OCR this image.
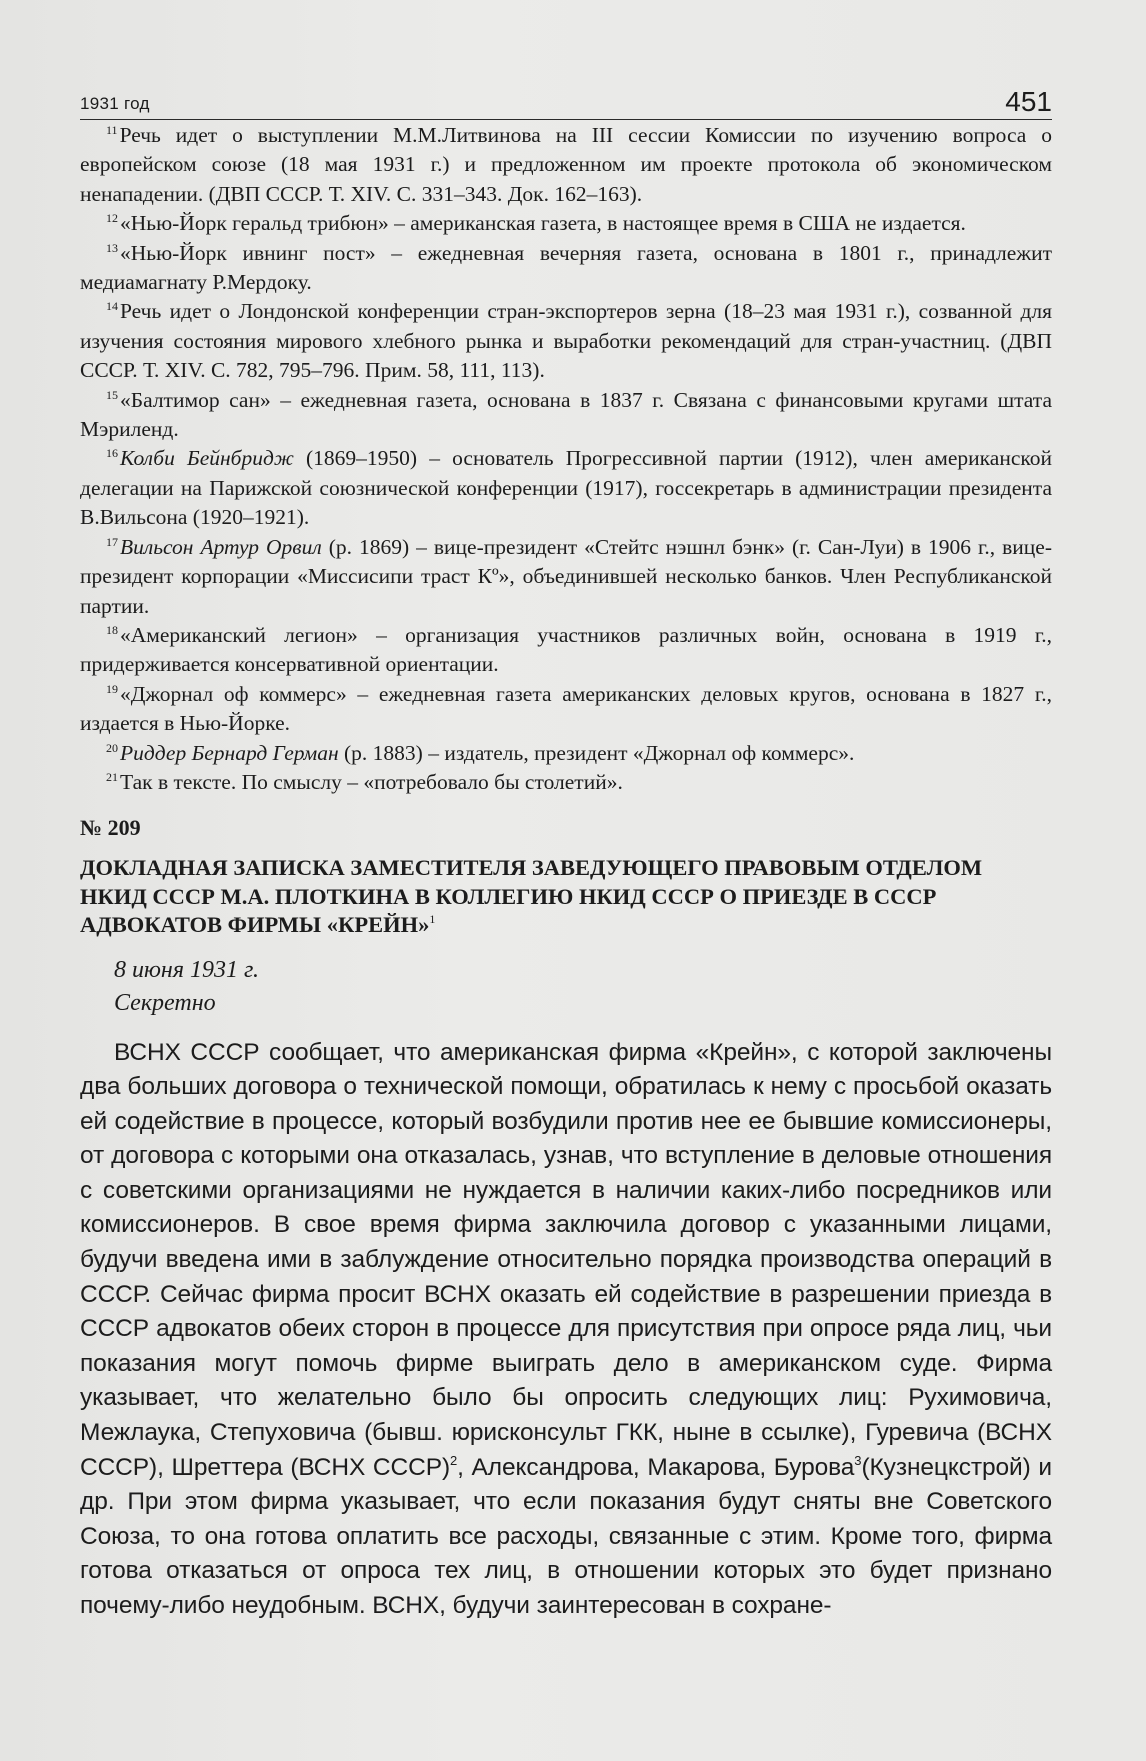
1931 год	451

$^{11}$Речь идет о выступлении М.М.Литвинова на III сессии Комиссии по изучению вопроса о европейском союзе (18 мая 1931 г.) и предложенном им проекте протокола об экономическом ненападении. (ДВП СССР. Т. XIV. С. 331–343. Док. 162–163).

$^{12}$«Нью-Йорк геральд трибюн» – американская газета, в настоящее время в США не издается.

$^{13}$«Нью-Йорк ивнинг пост» – ежедневная вечерняя газета, основана в 1801 г., принадлежит медиамагнату Р.Мердоку.

$^{14}$Речь идет о Лондонской конференции стран-экспортеров зерна (18–23 мая 1931 г.), созванной для изучения состояния мирового хлебного рынка и выработки рекомендаций для стран-участниц. (ДВП СССР. Т. XIV. С. 782, 795–796. Прим. 58, 111, 113).

$^{15}$«Балтимор сан» – ежедневная газета, основана в 1837 г. Связана с финансовыми кругами штата Мэриленд.

$^{16}$Колби Бейнбридж (1869–1950) – основатель Прогрессивной партии (1912), член американской делегации на Парижской союзнической конференции (1917), госсекретарь в администрации президента В.Вильсона (1920–1921).

$^{17}$Вильсон Артур Орвил (р. 1869) – вице-президент «Стейтс нэшнл бэнк» (г. Сан-Луи) в 1906 г., вице-президент корпорации «Миссисипи траст Кº», объединившей несколько банков. Член Республиканской партии.

$^{18}$«Американский легион» – организация участников различных войн, основана в 1919 г., придерживается консервативной ориентации.

$^{19}$«Джорнал оф коммерс» – ежедневная газета американских деловых кругов, основана в 1827 г., издается в Нью-Йорке.

$^{20}$Риддер Бернард Герман (р. 1883) – издатель, президент «Джорнал оф коммерс».

$^{21}$Так в тексте. По смыслу – «потребовало бы столетий».

№ 209

ДОКЛАДНАЯ ЗАПИСКА ЗАМЕСТИТЕЛЯ ЗАВЕДУЮЩЕГО ПРАВОВЫМ ОТДЕЛОМ НКИД СССР М.А. ПЛОТКИНА В КОЛЛЕГИЮ НКИД СССР О ПРИЕЗДЕ В СССР АДВОКАТОВ ФИРМЫ «КРЕЙН»$^1$

8 июня 1931 г.
Секретно

ВСНХ СССР сообщает, что американская фирма «Крейн», с которой заключены два больших договора о технической помощи, обратилась к нему с просьбой оказать ей содействие в процессе, который возбудили против нее ее бывшие комиссионеры, от договора с которыми она отказалась, узнав, что вступление в деловые отношения с советскими организациями не нуждается в наличии каких-либо посредников или комиссионеров. В свое время фирма заключила договор с указанными лицами, будучи введена ими в заблуждение относительно порядка производства операций в СССР. Сейчас фирма просит ВСНХ оказать ей содействие в разрешении приезда в СССР адвокатов обеих сторон в процессе для присутствия при опросе ряда лиц, чьи показания могут помочь фирме выиграть дело в американском суде. Фирма указывает, что желательно было бы опросить следующих лиц: Рухимовича, Межлаука, Степуховича (бывш. юрисконсульт ГКК, ныне в ссылке), Гуревича (ВСНХ СССР), Шреттера (ВСНХ СССР)$^2$, Александрова, Макарова, Бурова$^3$(Кузнецкстрой) и др. При этом фирма указывает, что если показания будут сняты вне Советского Союза, то она готова оплатить все расходы, связанные с этим. Кроме того, фирма готова отказаться от опроса тех лиц, в отношении которых это будет признано почему-либо неудобным. ВСНХ, будучи заинтересован в сохране-
